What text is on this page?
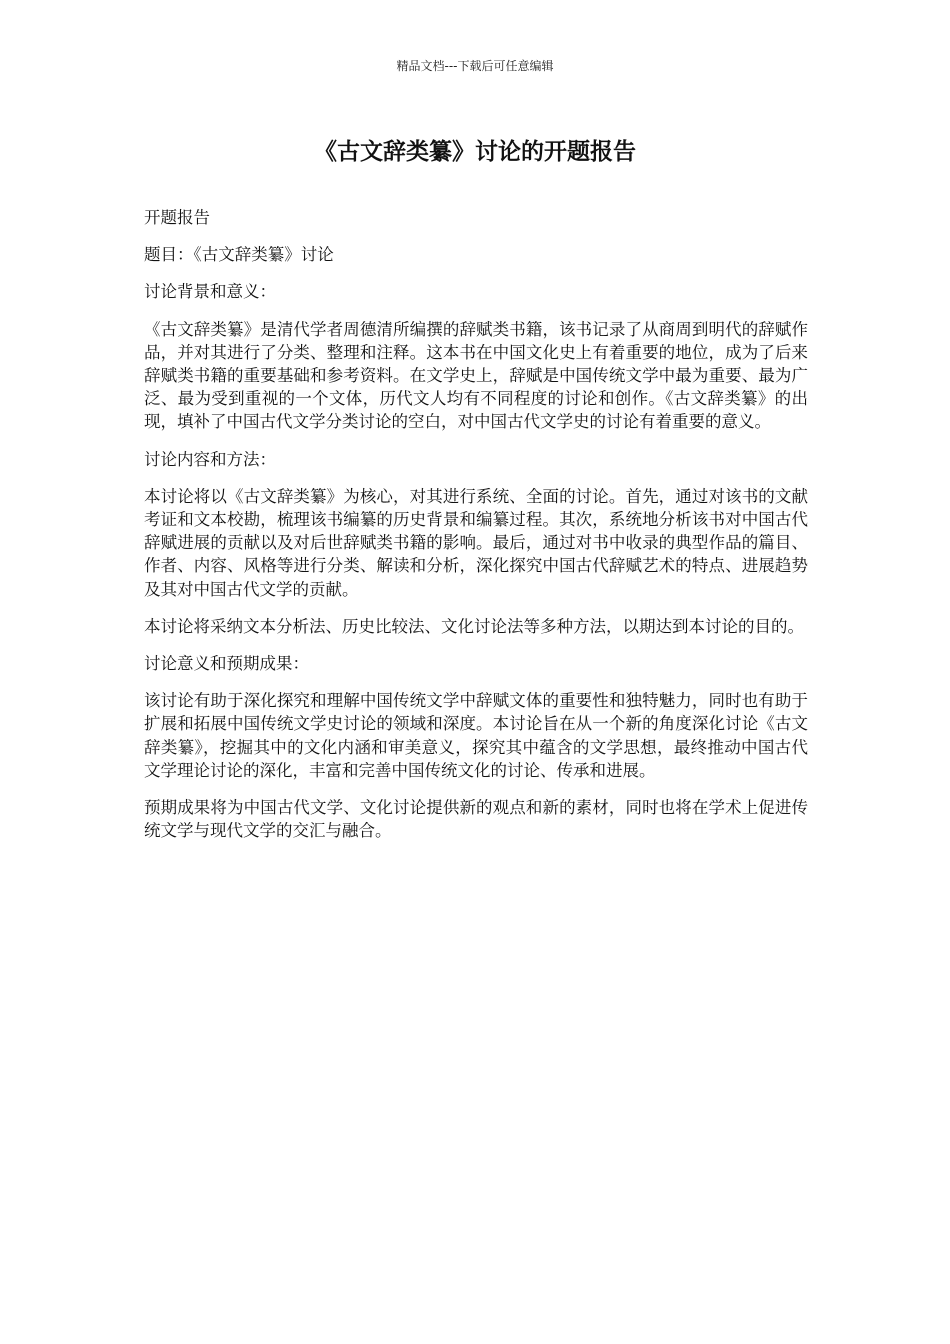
精品文档---下载后可任意编辑
《古文辞类纂》讨论的开题报告

开题报告

题目：《古文辞类纂》讨论

讨论背景和意义：

《古文辞类纂》是清代学者周德清所编撰的辞赋类书籍，该书记录了从商周到明代的辞赋作品，并对其进行了分类、整理和注释。这本书在中国文化史上有着重要的地位，成为了后来辞赋类书籍的重要基础和参考资料。在文学史上，辞赋是中国传统文学中最为重要、最为广泛、最为受到重视的一个文体，历代文人均有不同程度的讨论和创作。《古文辞类纂》的出现，填补了中国古代文学分类讨论的空白，对中国古代文学史的讨论有着重要的意义。

讨论内容和方法：

本讨论将以《古文辞类纂》为核心，对其进行系统、全面的讨论。首先，通过对该书的文献考证和文本校勘，梳理该书编纂的历史背景和编纂过程。其次，系统地分析该书对中国古代辞赋进展的贡献以及对后世辞赋类书籍的影响。最后，通过对书中收录的典型作品的篇目、作者、内容、风格等进行分类、解读和分析，深化探究中国古代辞赋艺术的特点、进展趋势及其对中国古代文学的贡献。

本讨论将采纳文本分析法、历史比较法、文化讨论法等多种方法，以期达到本讨论的目的。

讨论意义和预期成果：

该讨论有助于深化探究和理解中国传统文学中辞赋文体的重要性和独特魅力，同时也有助于扩展和拓展中国传统文学史讨论的领域和深度。本讨论旨在从一个新的角度深化讨论《古文辞类纂》，挖掘其中的文化内涵和审美意义，探究其中蕴含的文学思想，最终推动中国古代文学理论讨论的深化，丰富和完善中国传统文化的讨论、传承和进展。

预期成果将为中国古代文学、文化讨论提供新的观点和新的素材，同时也将在学术上促进传统文学与现代文学的交汇与融合。
